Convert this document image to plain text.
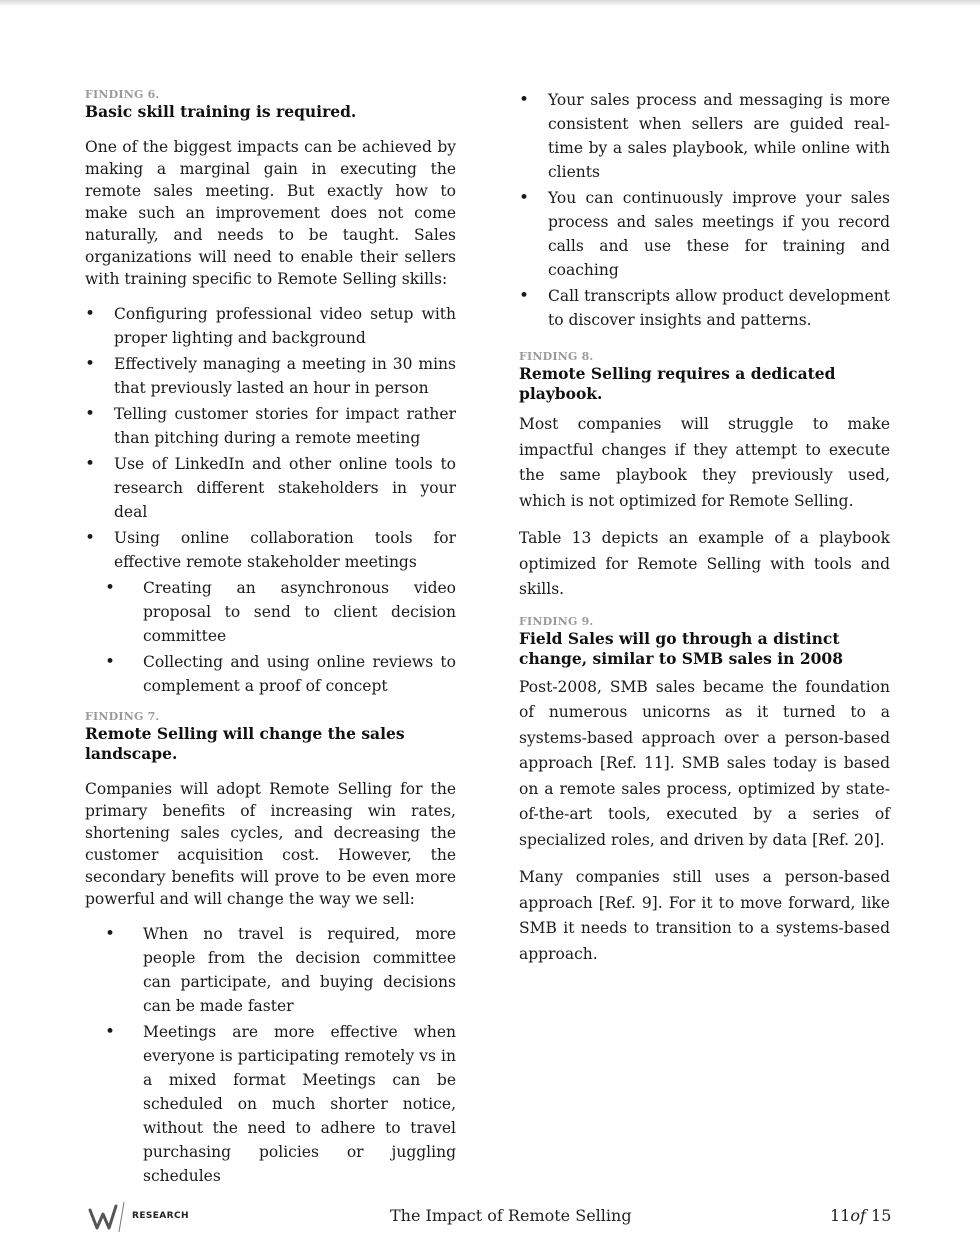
FINDING 6.
Basic skill training is required.

One of the biggest impacts can be achieved by making a marginal gain in executing the remote sales meeting. But exactly how to make such an improvement does not come naturally, and needs to be taught. Sales organizations will need to enable their sellers with training specific to Remote Selling skills:

• Configuring professional video setup with proper lighting and background
• Effectively managing a meeting in 30 mins that previously lasted an hour in person
• Telling customer stories for impact rather than pitching during a remote meeting
• Use of LinkedIn and other online tools to research different stakeholders in your deal
• Using online collaboration tools for effective remote stakeholder meetings
• Creating an asynchronous video proposal to send to client decision committee
• Collecting and using online reviews to complement a proof of concept
FINDING 7.
Remote Selling will change the sales landscape.

Companies will adopt Remote Selling for the primary benefits of increasing win rates, shortening sales cycles, and decreasing the customer acquisition cost. However, the secondary benefits will prove to be even more powerful and will change the way we sell:

• When no travel is required, more people from the decision committee can participate, and buying decisions can be made faster
• Meetings are more effective when everyone is participating remotely vs in a mixed format Meetings can be scheduled on much shorter notice, without the need to adhere to travel purchasing policies or juggling schedules
• Your sales process and messaging is more consistent when sellers are guided real-time by a sales playbook, while online with clients
• You can continuously improve your sales process and sales meetings if you record calls and use these for training and coaching
• Call transcripts allow product development to discover insights and patterns.
FINDING 8.
Remote Selling requires a dedicated playbook.

Most companies will struggle to make impactful changes if they attempt to execute the same playbook they previously used, which is not optimized for Remote Selling.

Table 13 depicts an example of a playbook optimized for Remote Selling with tools and skills.

FINDING 9.
Field Sales will go through a distinct change, similar to SMB sales in 2008

Post-2008, SMB sales became the foundation of numerous unicorns as it turned to a systems-based approach over a person-based approach [Ref. 11]. SMB sales today is based on a remote sales process, optimized by state-of-the-art tools, executed by a series of specialized roles, and driven by data [Ref. 20].

Many companies still uses a person-based approach [Ref. 9]. For it to move forward, like SMB it needs to transition to a systems-based approach.

RESEARCH	The Impact of Remote Selling	11of 15
